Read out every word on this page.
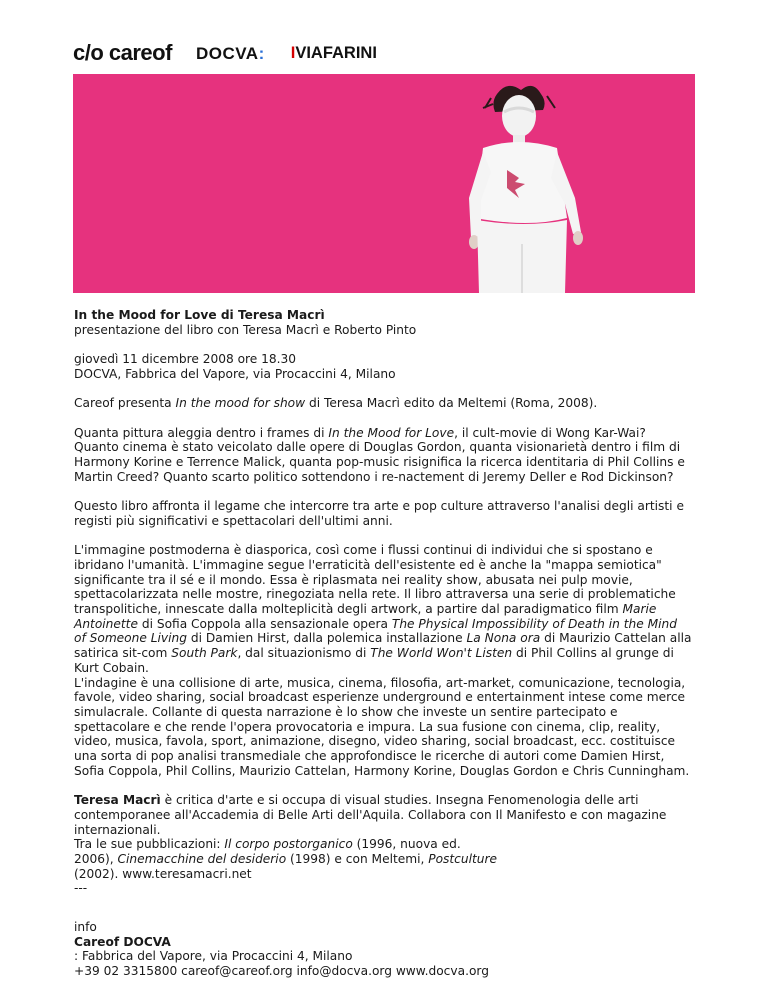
c/o careof DOCVA: IVIAFARINI

In the Mood for Love di Teresa Macrì
presentazione del libro con Teresa Macrì e Roberto Pinto

giovedì 11 dicembre 2008 ore 18.30
DOCVA, Fabbrica del Vapore, via Procaccini 4, Milano

Careof presenta In the mood for show di Teresa Macrì edito da Meltemi (Roma, 2008).

Quanta pittura aleggia dentro i frames di In the Mood for Love, il cult-movie di Wong Kar-Wai? Quanto cinema è stato veicolato dalle opere di Douglas Gordon, quanta visionarietà dentro i film di Harmony Korine e Terrence Malick, quanta pop-music risignifica la ricerca identitaria di Phil Collins e Martin Creed? Quanto scarto politico sottendono i re-nactement di Jeremy Deller e Rod Dickinson?

Questo libro affronta il legame che intercorre tra arte e pop culture attraverso l'analisi degli artisti e registi più significativi e spettacolari dell'ultimi anni.

L'immagine postmoderna è diasporica, così come i flussi continui di individui che si spostano e ibridano l'umanità. L'immagine segue l'erraticità dell'esistente ed è anche la "mappa semiotica" significante tra il sé e il mondo. Essa è riplasmata nei reality show, abusata nei pulp movie, spettacolarizzata nelle mostre, rinegoziata nella rete. Il libro attraversa una serie di problematiche transpolitiche, innescate dalla molteplicità degli artwork, a partire dal paradigmatico film Marie Antoinette di Sofia Coppola alla sensazionale opera The Physical Impossibility of Death in the Mind of Someone Living di Damien Hirst, dalla polemica installazione La Nona ora di Maurizio Cattelan alla satirica sit-com South Park, dal situazionismo di The World Won't Listen di Phil Collins al grunge di Kurt Cobain.
L'indagine è una collisione di arte, musica, cinema, filosofia, art-market, comunicazione, tecnologia, favole, video sharing, social broadcast esperienze underground e entertainment intese come merce simulacrale. Collante di questa narrazione è lo show che investe un sentire partecipato e spettacolare e che rende l'opera provocatoria e impura. La sua fusione con cinema, clip, reality, video, musica, favola, sport, animazione, disegno, video sharing, social broadcast, ecc. costituisce una sorta di pop analisi transmediale che approfondisce le ricerche di autori come Damien Hirst, Sofia Coppola, Phil Collins, Maurizio Cattelan, Harmony Korine, Douglas Gordon e Chris Cunningham.

Teresa Macrì è critica d'arte e si occupa di visual studies. Insegna Fenomenologia delle arti contemporanee all'Accademia di Belle Arti dell'Aquila. Collabora con Il Manifesto e con magazine internazionali.
Tra le sue pubblicazioni: Il corpo postorganico (1996, nuova ed.
2006), Cinemacchine del desiderio (1998) e con Meltemi, Postculture
(2002). www.teresamacri.net
---

info
Careof DOCVA
: Fabbrica del Vapore, via Procaccini 4, Milano
+39 02 3315800 careof@careof.org info@docva.org www.docva.org
